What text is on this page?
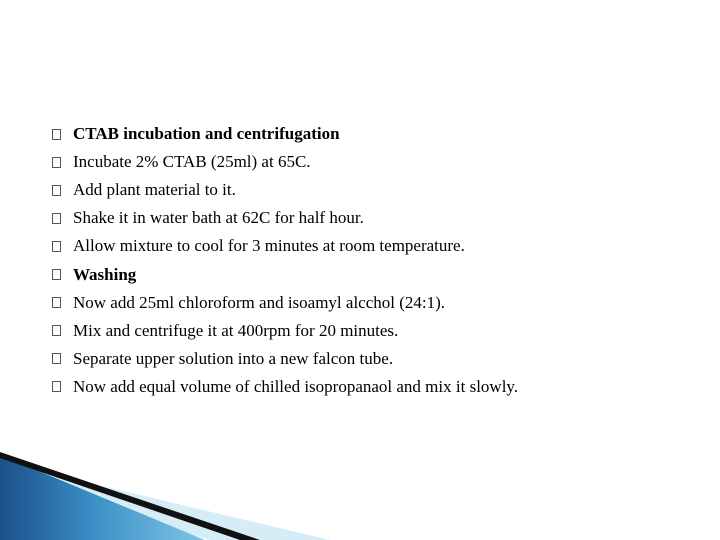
CTAB incubation and centrifugation
Incubate 2% CTAB (25ml) at 65C.
Add plant material to it.
Shake it in water bath at 62C for half hour.
Allow mixture to cool for 3 minutes at room temperature.
Washing
Now add 25ml chloroform and isoamyl alcchol (24:1).
Mix and centrifuge it at 400rpm for 20 minutes.
Separate upper solution into a new falcon tube.
Now add equal volume of chilled isopropanaol and mix it slowly.
